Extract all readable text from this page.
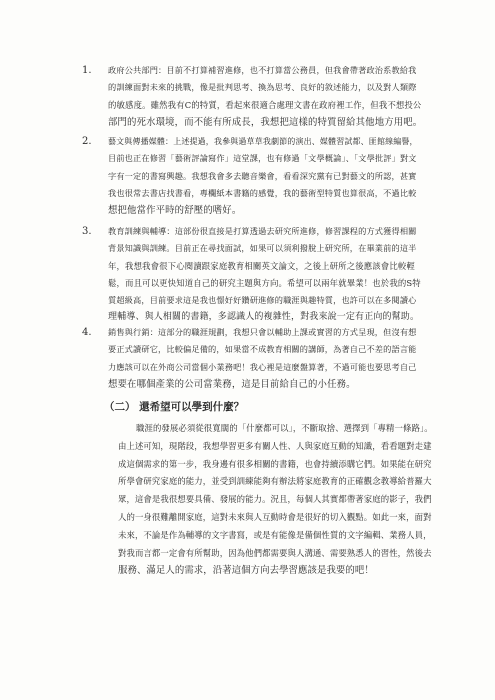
1.	政府公共部門：目前不打算補習進修，也不打算當公務員，但我會帶著政治系教給我
的訓練面對未來的挑戰，像是批判思考、換為思考、良好的敘述能力，以及對人類際
的敏感度。雖然我有C的特質，看起來很適合處理文書在政府裡工作，但我不想投公
部門的死水環境，而不能有所成長，我想把這樣的特質留給其他地方用吧。
2.	藝文與傳播媒體：上述提過，我參與過草草我劇節的演出、媒體習試都、匪館線編譽，
目前也正在修習「藝術評論寫作」這堂課，也有修過「文學概論」、「文學批評」對文
字有一定的書寫興趣。我想我會多去聽音樂會，看看深究黨有已對藝文的所認，甚實
我也很常去書店找書看，專欄紙本書籍的感覺，我的藝術型特質也算很高，不過比較
想把他當作平時的舒壓的嗜好。
3.	教育訓練與輔導：這部份很直接是打算透過去研究所進修，修習課程的方式獲得相關
背景知識與訓練。目前正在尋找面試，如果可以須利撥脫上研究所，在畢業前的這半
年，我想我會很下心閱讀跟家庭教育相關英文論文，之後上研所之後應該會比較輕
鬆，而且可以更快知道自己的研究主題與方向。希望可以兩年就畢業！也於我的S特
質超級高，目前要求這是我也憬好好鑽研進修的職涯與趣特質，也許可以在多閱讀心
理輔導、與人相關的書籍，多認識人的複雜性，對我來說一定有正向的幫助。
4.	銷售與行銷：這部分的職涯規劃，我想只會以輔助上課或實習的方式呈現，但沒有想
要正式讀研它，比較偏足備的，如果當不成教育相關的講師，為著自己不差的語言能
力應該可以在外商公司當個小業務吧！我心裡是這麼盤算著，不過可能也要思考自己
想要在哪個產業的公司當業務，這是目前給自己的小任務。
（二） 還希望可以學到什麼？
職涯的發展必須從很寬闊的「什麼都可以」，不斷取捨、選擇到「專精一條路」。
由上述可知，現階段，我想學習更多有關人性、人與家庭互動的知識，看看題對走建
成這個需求的第一步，我身邊有很多相關的書籍，也會持續添購它們。如果能在研究
所學會研究家庭的能力，並受到訓練能夠有辦法將家庭教育的正確觀念教導給普羅大
眾，這會是我很想要具備、發展的能力。況且，每個人其實都帶著家庭的影子，我們
人的一身很難離開家庭，這對未來與人互動時會是很好的切入觀點。如此一來，面對
未來，不論是作為輔導的文字書寫，或是有能像是備個性質的文字編輯、業務人員，
對我而言都一定會有所幫助，因為他們都需要與人溝通、需要熟悉人的習性，然後去
服務、滿足人的需求，沿著這個方向去學習應該是我要的吧！
